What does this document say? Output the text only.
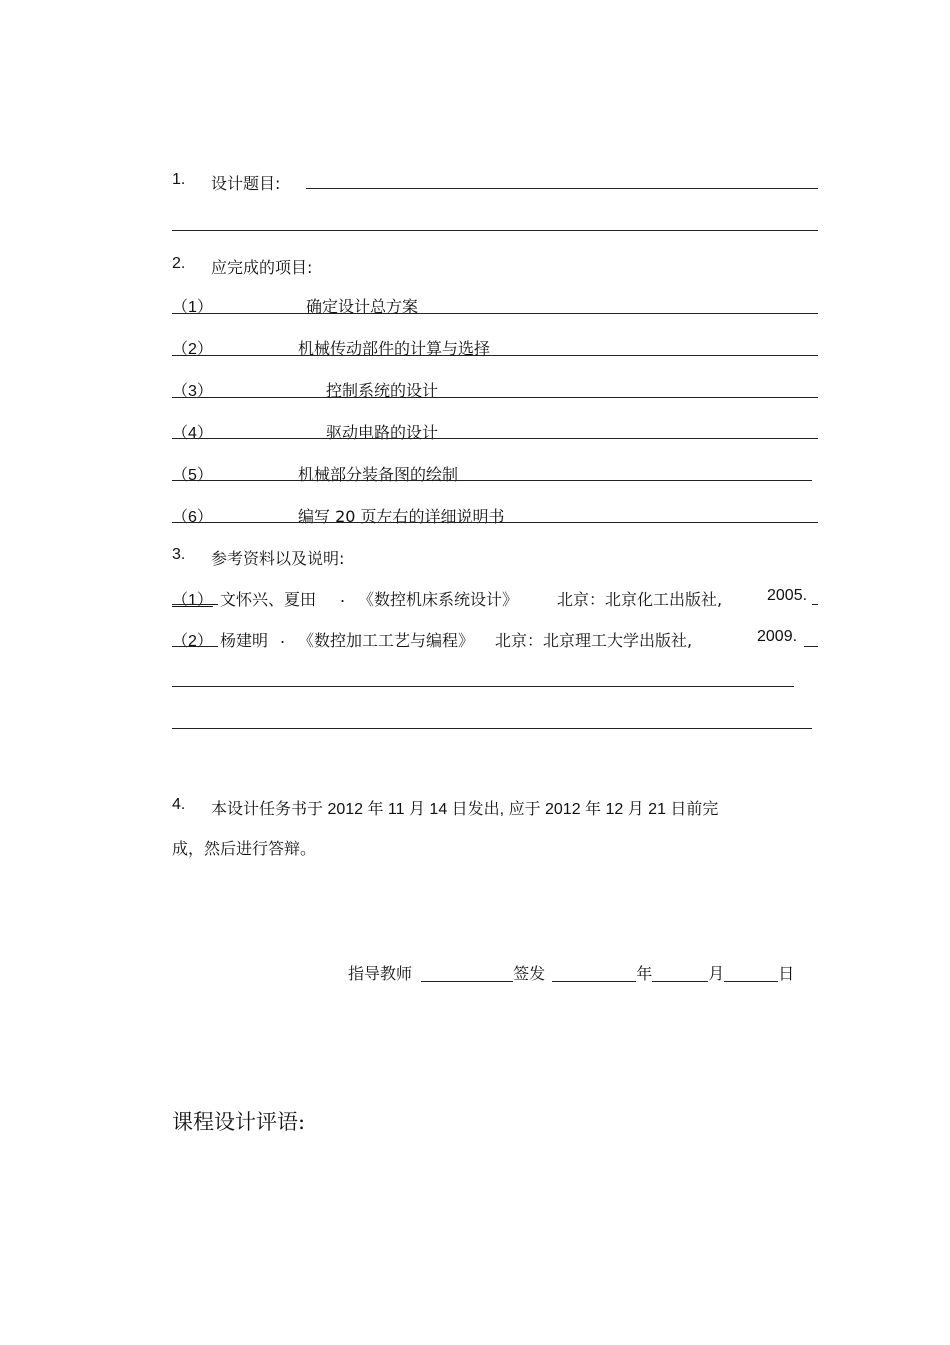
1. 设计题目:
2. 应完成的项目:
（1）	确定设计总方案
（2）	机械传动部件的计算与选择
（3）	控制系统的设计
（4）	驱动电路的设计
（5）	机械部分装备图的绘制
（6）	编写 20 页左右的详细说明书
3. 参考资料以及说明:
（1） 文怀兴、夏田 . 《数控机床系统设计》 北京：北京化工出版社,	2005.
（2） 杨建明 . 《数控加工工艺与编程》 北京：北京理工大学出版社,	2009.
4. 本设计任务书于 2012 年 11 月 14 日发出, 应于 2012 年 12 月 21 日前完
成，然后进行答辩。
指导教师	签发	年	月	日
课程设计评语:
